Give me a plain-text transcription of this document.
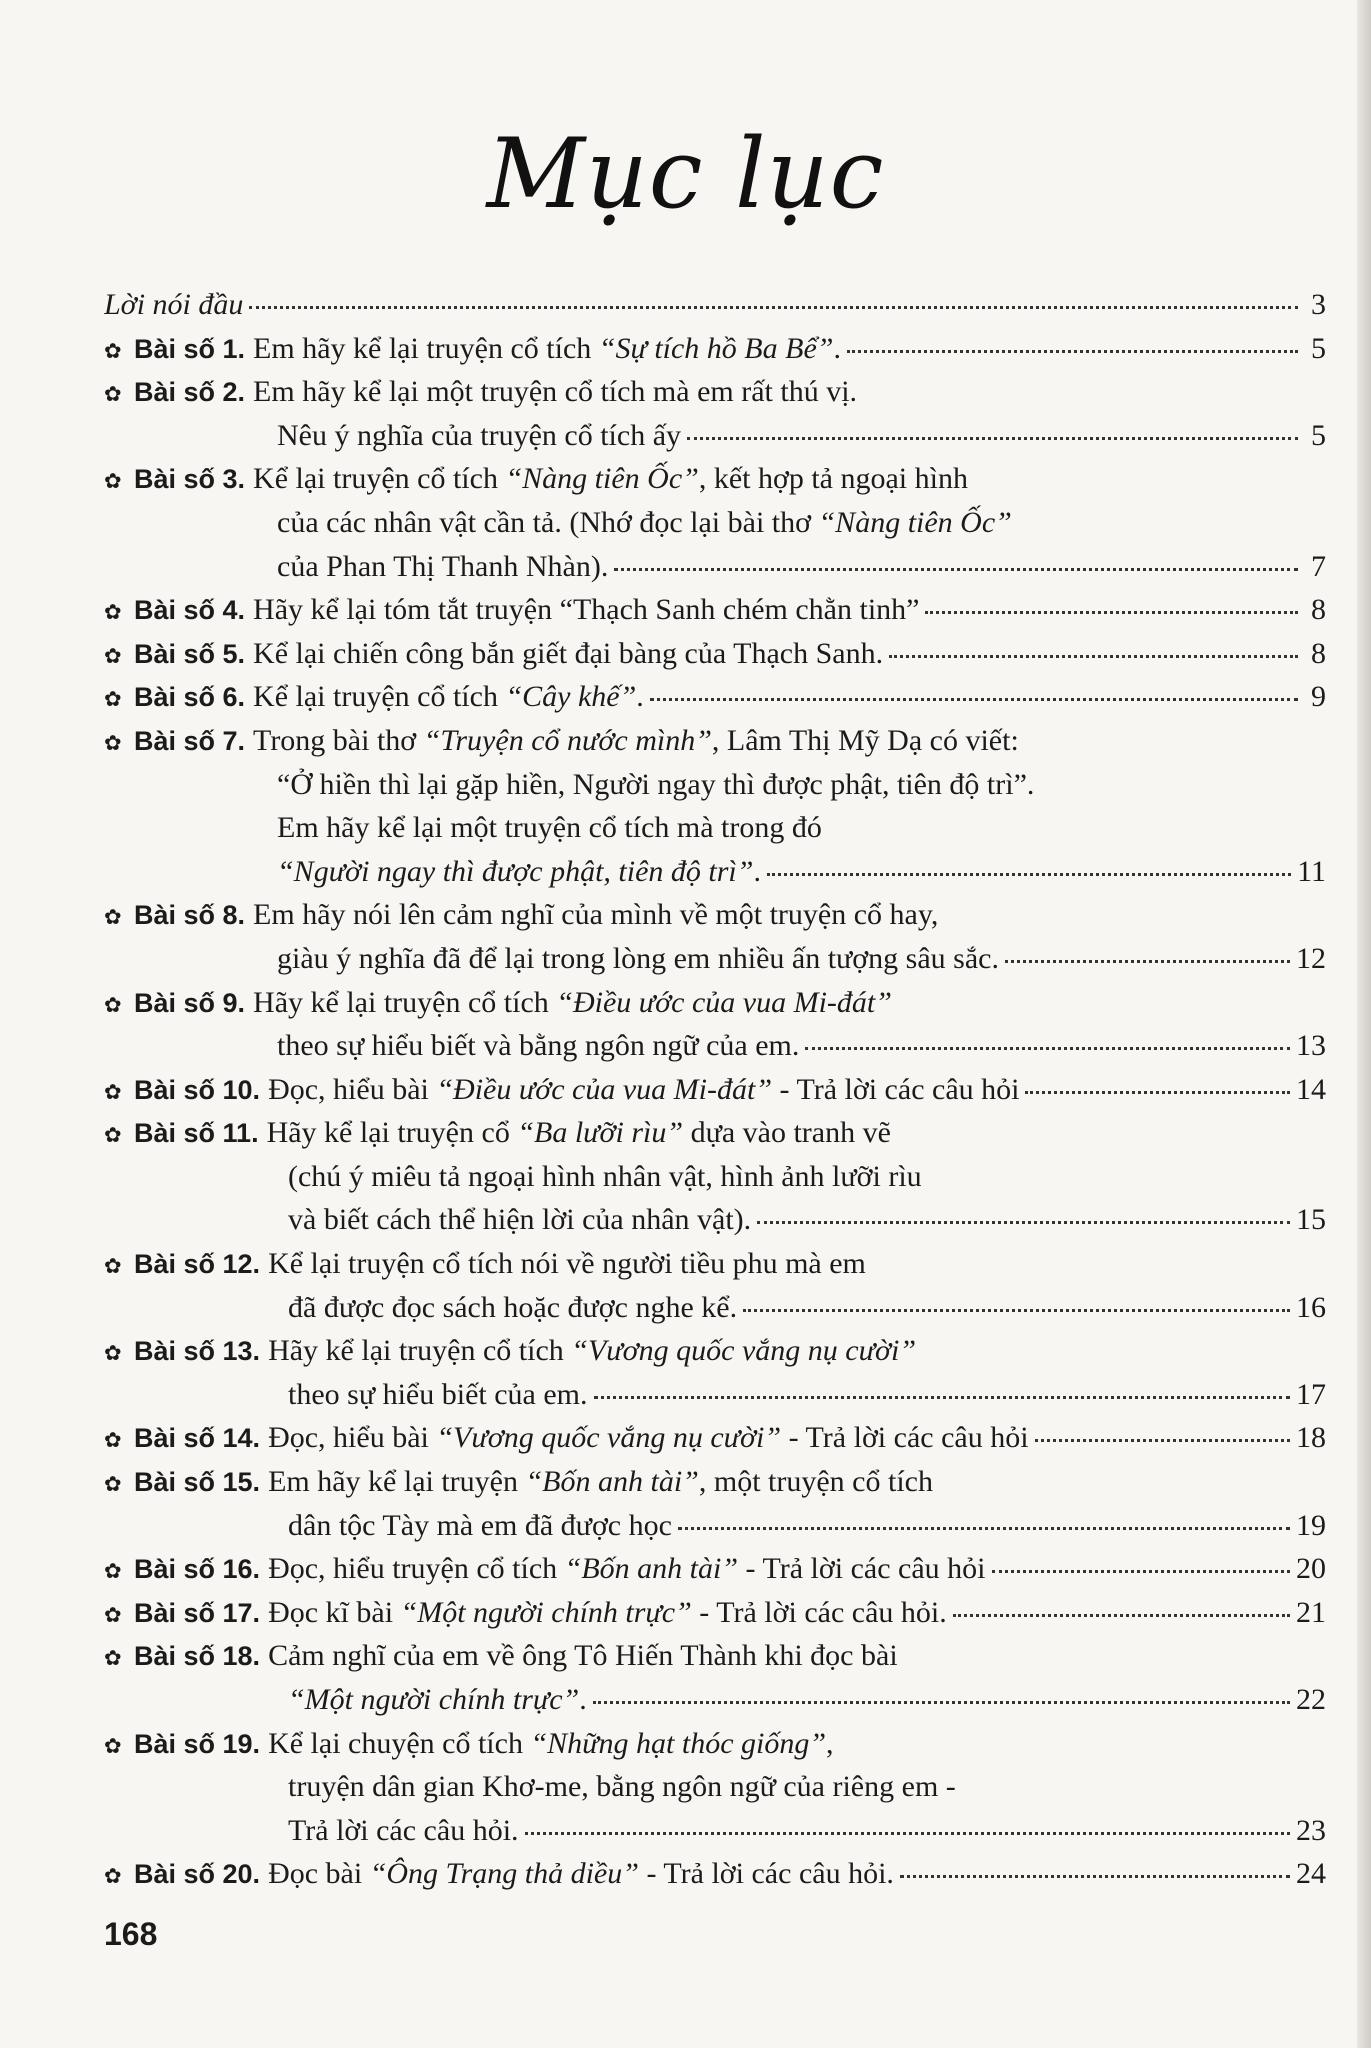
Mục lục
Lời nói đầu	3
✿ Bài số 1. Em hãy kể lại truyện cổ tích “Sự tích hồ Ba Bể”.	5
✿ Bài số 2. Em hãy kể lại một truyện cổ tích mà em rất thú vị.
Nêu ý nghĩa của truyện cổ tích ấy	5
✿ Bài số 3. Kể lại truyện cổ tích “Nàng tiên Ốc”, kết hợp tả ngoại hình
của các nhân vật cần tả. (Nhớ đọc lại bài thơ “Nàng tiên Ốc”
của Phan Thị Thanh Nhàn).	7
✿ Bài số 4. Hãy kể lại tóm tắt truyện “Thạch Sanh chém chằn tinh”	8
✿ Bài số 5. Kể lại chiến công bắn giết đại bàng của Thạch Sanh.	8
✿ Bài số 6. Kể lại truyện cổ tích “Cây khế”.	9
✿ Bài số 7. Trong bài thơ “Truyện cổ nước mình”, Lâm Thị Mỹ Dạ có viết:
“Ở hiền thì lại gặp hiền, Người ngay thì được phật, tiên độ trì”.
Em hãy kể lại một truyện cổ tích mà trong đó
“Người ngay thì được phật, tiên độ trì”.	11
✿ Bài số 8. Em hãy nói lên cảm nghĩ của mình về một truyện cổ hay,
giàu ý nghĩa đã để lại trong lòng em nhiều ấn tượng sâu sắc.	12
✿ Bài số 9. Hãy kể lại truyện cổ tích “Điều ước của vua Mi-đát”
theo sự hiểu biết và bằng ngôn ngữ của em.	13
✿ Bài số 10. Đọc, hiểu bài “Điều ước của vua Mi-đát” - Trả lời các câu hỏi	14
✿ Bài số 11. Hãy kể lại truyện cổ “Ba lưỡi rìu” dựa vào tranh vẽ
(chú ý miêu tả ngoại hình nhân vật, hình ảnh lưỡi rìu
và biết cách thể hiện lời của nhân vật).	15
✿ Bài số 12. Kể lại truyện cổ tích nói về người tiều phu mà em
đã được đọc sách hoặc được nghe kể.	16
✿ Bài số 13. Hãy kể lại truyện cổ tích “Vương quốc vắng nụ cười”
theo sự hiểu biết của em.	17
✿ Bài số 14. Đọc, hiểu bài “Vương quốc vắng nụ cười” - Trả lời các câu hỏi	18
✿ Bài số 15. Em hãy kể lại truyện “Bốn anh tài”, một truyện cổ tích
dân tộc Tày mà em đã được học	19
✿ Bài số 16. Đọc, hiểu truyện cổ tích “Bốn anh tài” - Trả lời các câu hỏi	20
✿ Bài số 17. Đọc kĩ bài “Một người chính trực” - Trả lời các câu hỏi.	21
✿ Bài số 18. Cảm nghĩ của em về ông Tô Hiến Thành khi đọc bài
“Một người chính trực”.	22
✿ Bài số 19. Kể lại chuyện cổ tích “Những hạt thóc giống”,
truyện dân gian Khơ-me, bằng ngôn ngữ của riêng em -
Trả lời các câu hỏi.	23
✿ Bài số 20. Đọc bài “Ông Trạng thả diều” - Trả lời các câu hỏi.	24
168
